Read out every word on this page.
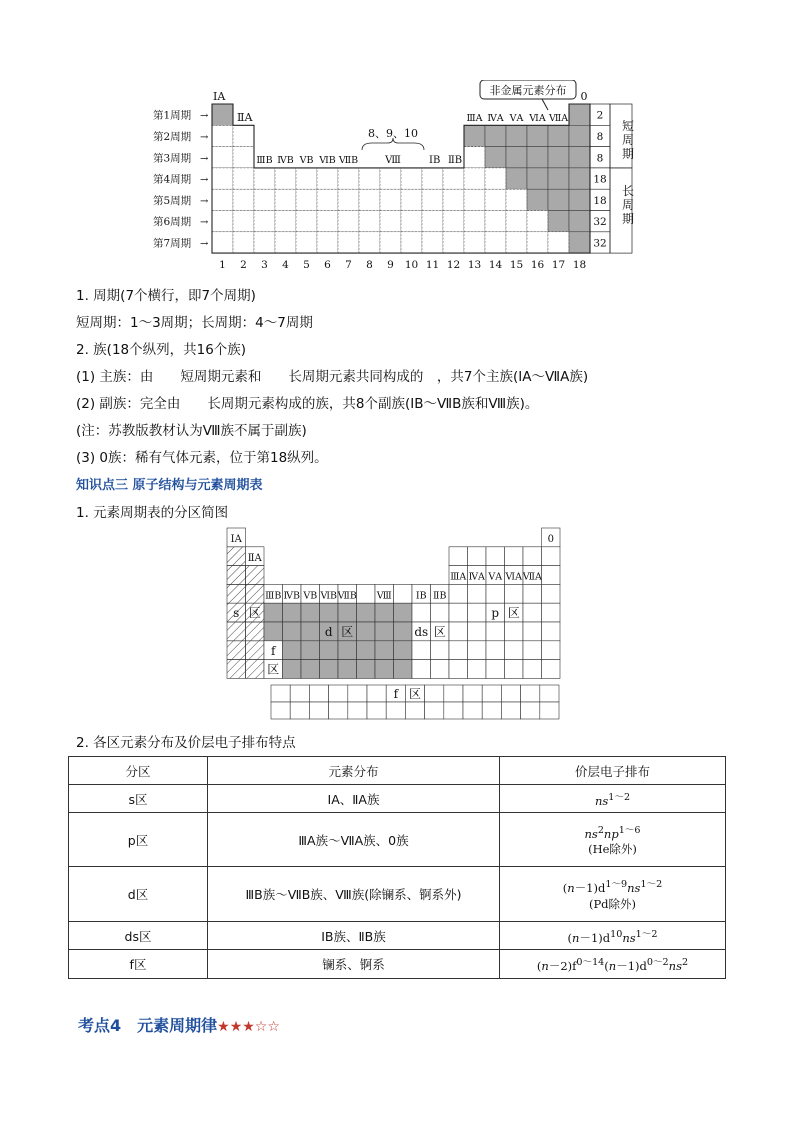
非金属元素分布
ⅠA
ⅡA
0
8、9、10
Ⅷ	ⅠB ⅡB
ⅢB ⅣB ⅤB ⅥB ⅦB
ⅢA ⅣA ⅤA ⅥA ⅦA
第1周期 →
第2周期 →
第3周期 →
第4周期 →
第5周期 →
第6周期 →
第7周期 →
2
8
8
18
18
32
32
1 2 3 4 5 6 7 8 9 10 11 12 13 14 15 16 17 18
短周期
长周期
1. 周期(7个横行，即7个周期)
短周期：1～3周期；长周期：4～7周期
2. 族(18个纵列，共16个族)
(1) 主族：由　　短周期元素和　　长周期元素共同构成的　，共7个主族(ⅠA～ⅦA族)
(2) 副族：完全由　　长周期元素构成的族，共8个副族(ⅠB～ⅦB族和Ⅷ族)。
(注：苏教版教材认为Ⅷ族不属于副族)
(3) 0族：稀有气体元素，位于第18纵列。
知识点三 原子结构与元素周期表
1. 元素周期表的分区简图
ⅠA
ⅡA
0
ⅢB ⅣB ⅤB ⅥB ⅦB Ⅷ	ⅠB ⅡB
ⅢA ⅣA ⅤA ⅥA ⅦA
s 区
d 区	ds 区
p 区
f
区
f 区
2. 各区元素分布及价层电子排布特点
分区	元素分布	价层电子排布
s区	ⅠA、ⅡA族	$ns^{1\sim 2}$
p区	ⅢA族～ⅦA族、0族	$ns^2np^{1\sim 6}$
(He除外)
d区	ⅢB族～ⅦB族、Ⅷ族(除镧系、锕系外)	$(n-1)d^{1\sim 9}ns^{1\sim 2}$
(Pd除外)
ds区	ⅠB族、ⅡB族	$(n-1)d^{10}ns^{1\sim 2}$
f区	镧系、锕系	$(n-2)f^{0\sim 14}(n-1)d^{0\sim 2}ns^2$
考点4　元素周期律★★★☆☆
